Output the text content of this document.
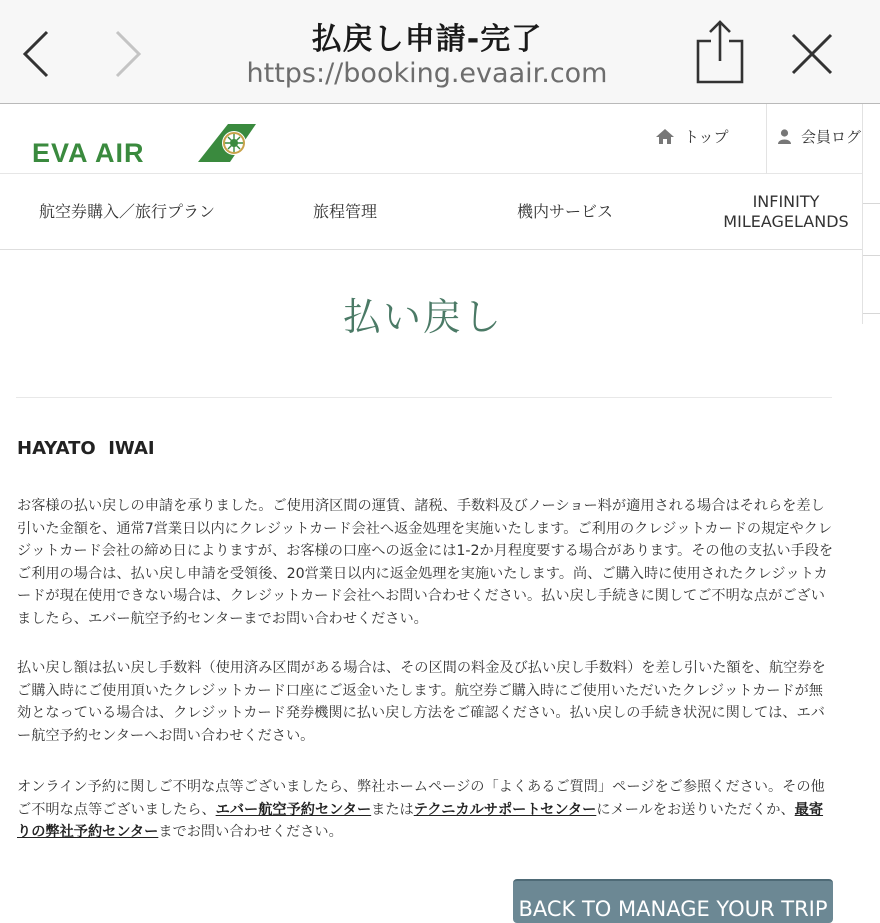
払戻し申請-完了
https://booking.evaair.com
EVA AIR
トップ	会員ログ
航空券購入／旅行プラン	旅程管理	機内サービス
INFINITY
MILEAGELANDS
払い戻し
HAYATO  IWAI

お客様の払い戻しの申請を承りました。ご使用済区間の運賃、諸税、手数料及びノーショー料が適用される場合はそれらを差し引いた金額を、通常7営業日以内にクレジットカード会社へ返金処理を実施いたします。ご利用のクレジットカードの規定やクレジットカード会社の締め日によりますが、お客様の口座への返金には1-2か月程度要する場合があります。その他の支払い手段をご利用の場合は、払い戻し申請を受領後、20営業日以内に返金処理を実施いたします。尚、ご購入時に使用されたクレジットカードが現在使用できない場合は、クレジットカード会社へお問い合わせください。払い戻し手続きに関してご不明な点がございましたら、エバー航空予約センターまでお問い合わせください。

払い戻し額は払い戻し手数料（使用済み区間がある場合は、その区間の料金及び払い戻し手数料）を差し引いた額を、航空券をご購入時にご使用頂いたクレジットカード口座にご返金いたします。航空券ご購入時にご使用いただいたクレジットカードが無効となっている場合は、クレジットカード発券機関に払い戻し方法をご確認ください。払い戻しの手続き状況に関しては、エバー航空予約センターへお問い合わせください。

オンライン予約に関しご不明な点等ございましたら、弊社ホームページの「よくあるご質問」ページをご参照ください。その他ご不明な点等ございましたら、エバー航空予約センターまたはテクニカルサポートセンターにメールをお送りいただくか、最寄りの弊社予約センターまでお問い合わせください。

BACK TO MANAGE YOUR TRIP
